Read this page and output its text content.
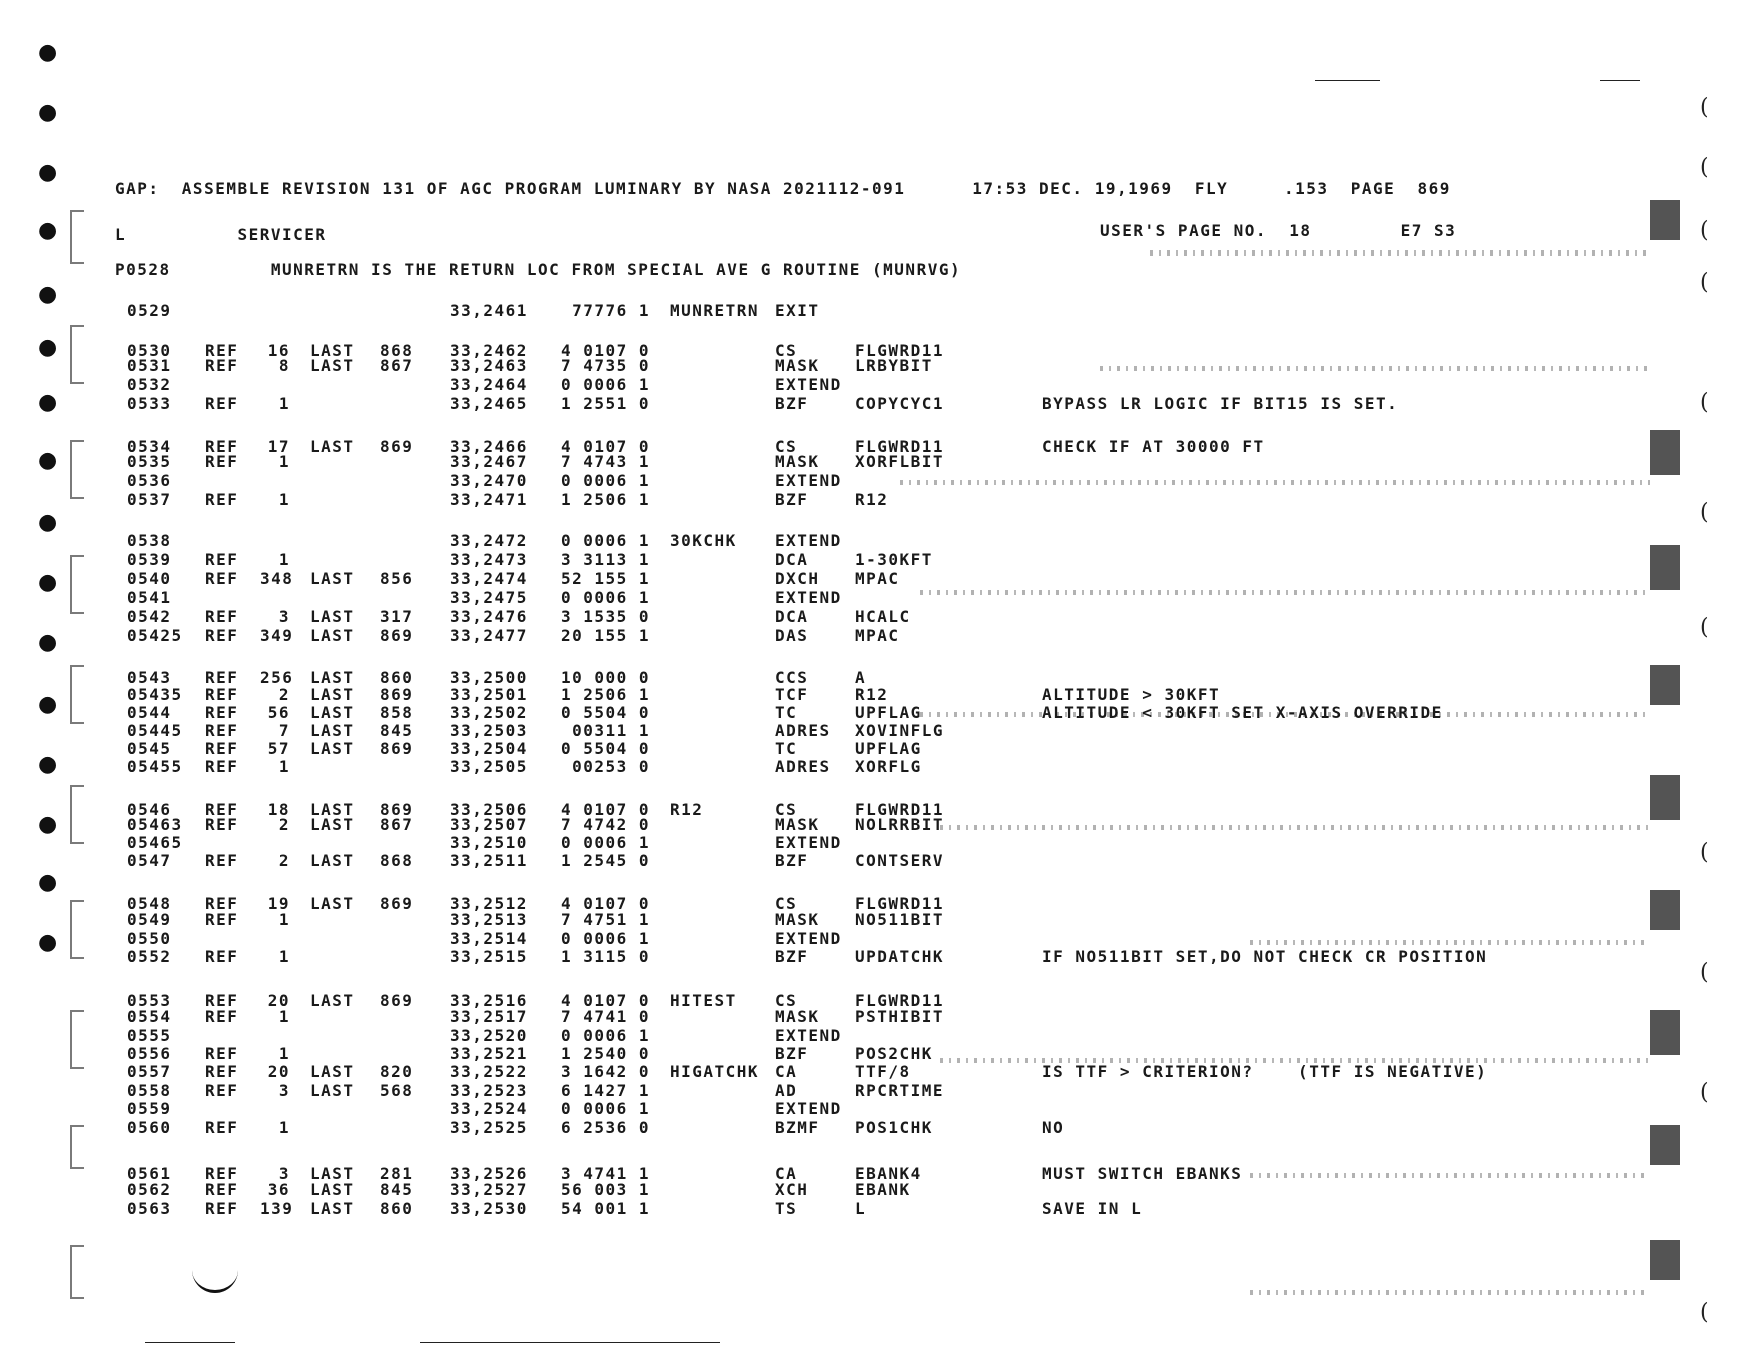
●
●
●
●
●
●
●
●
●
●
●
●
●
●
●
●
(
(
(
(
(
(
(
(
(
(
(
GAP:  ASSEMBLE REVISION 131 OF AGC PROGRAM LUMINARY BY NASA 2021112-091      17:53 DEC. 19,1969  FLY     .153  PAGE  869
L          SERVICER	USER'S PAGE NO.  18        E7 S3
P0528         MUNRETRN IS THE RETURN LOC FROM SPECIAL AVE G ROUTINE (MUNRVG)
0529	33,2461	77776 1 MUNRETRN EXIT
0530 REF	16 LAST 868 33,2462	4 0107 0	CS	FLGWRD11
0531 REF	8 LAST 867 33,2463	7 4735 0	MASK LRBYBIT
0532	33,2464	0 0006 1	EXTEND
0533 REF	1	33,2465	1 2551 0	BZF	COPYCYC1	BYPASS LR LOGIC IF BIT15 IS SET.
0534 REF	17 LAST 869 33,2466	4 0107 0	CS	FLGWRD11	CHECK IF AT 30000 FT
0535 REF	1	33,2467	7 4743 1	MASK XORFLBIT
0536	33,2470	0 0006 1	EXTEND
0537 REF	1	33,2471	1 2506 1	BZF	R12
0538	33,2472	0 0006 1 30KCHK EXTEND
0539 REF	1	33,2473	3 3113 1	DCA	1-30KFT
0540 REF 348 LAST 856 33,2474	52 155 1	DXCH MPAC
0541	33,2475	0 0006 1	EXTEND
0542 REF	3 LAST 317 33,2476	3 1535 0	DCA	HCALC
05425 REF 349 LAST 869 33,2477	20 155 1	DAS	MPAC
0543 REF 256 LAST 860 33,2500	10 000 0	CCS	A
05435 REF	2 LAST 869 33,2501	1 2506 1	TCF	R12	ALTITUDE > 30KFT
0544 REF	56 LAST 858 33,2502	0 5504 0	TC	UPFLAG	ALTITUDE < 30KFT SET X-AXIS OVERRIDE
05445 REF	7 LAST 845 33,2503	00311 1	ADRES XOVINFLG
0545 REF	57 LAST 869 33,2504	0 5504 0	TC	UPFLAG
05455 REF	1	33,2505	00253 0	ADRES XORFLG
0546 REF	18 LAST 869 33,2506	4 0107 0 R12	CS	FLGWRD11
05463 REF	2 LAST 867 33,2507	7 4742 0	MASK NOLRRBIT
05465	33,2510	0 0006 1	EXTEND
0547 REF	2 LAST 868 33,2511	1 2545 0	BZF	CONTSERV
0548 REF	19 LAST 869 33,2512	4 0107 0	CS	FLGWRD11
0549 REF	1	33,2513	7 4751 1	MASK NO511BIT
0550	33,2514	0 0006 1	EXTEND
0552 REF	1	33,2515	1 3115 0	BZF	UPDATCHK	IF NO511BIT SET,DO NOT CHECK CR POSITION
0553 REF	20 LAST 869 33,2516	4 0107 0 HITEST CS	FLGWRD11
0554 REF	1	33,2517	7 4741 0	MASK PSTHIBIT
0555	33,2520	0 0006 1	EXTEND
0556 REF	1	33,2521	1 2540 0	BZF	POS2CHK
0557 REF	20 LAST 820 33,2522	3 1642 0 HIGATCHK CA	TTF/8	IS TTF > CRITERION?    (TTF IS NEGATIVE)
0558 REF	3 LAST 568 33,2523	6 1427 1	AD	RPCRTIME
0559	33,2524	0 0006 1	EXTEND
0560 REF	1	33,2525	6 2536 0	BZMF POS1CHK	NO
0561 REF	3 LAST 281 33,2526	3 4741 1	CA	EBANK4	MUST SWITCH EBANKS
0562 REF	36 LAST 845 33,2527	56 003 1	XCH	EBANK
0563 REF 139 LAST 860 33,2530	54 001 1	TS	L	SAVE IN L
